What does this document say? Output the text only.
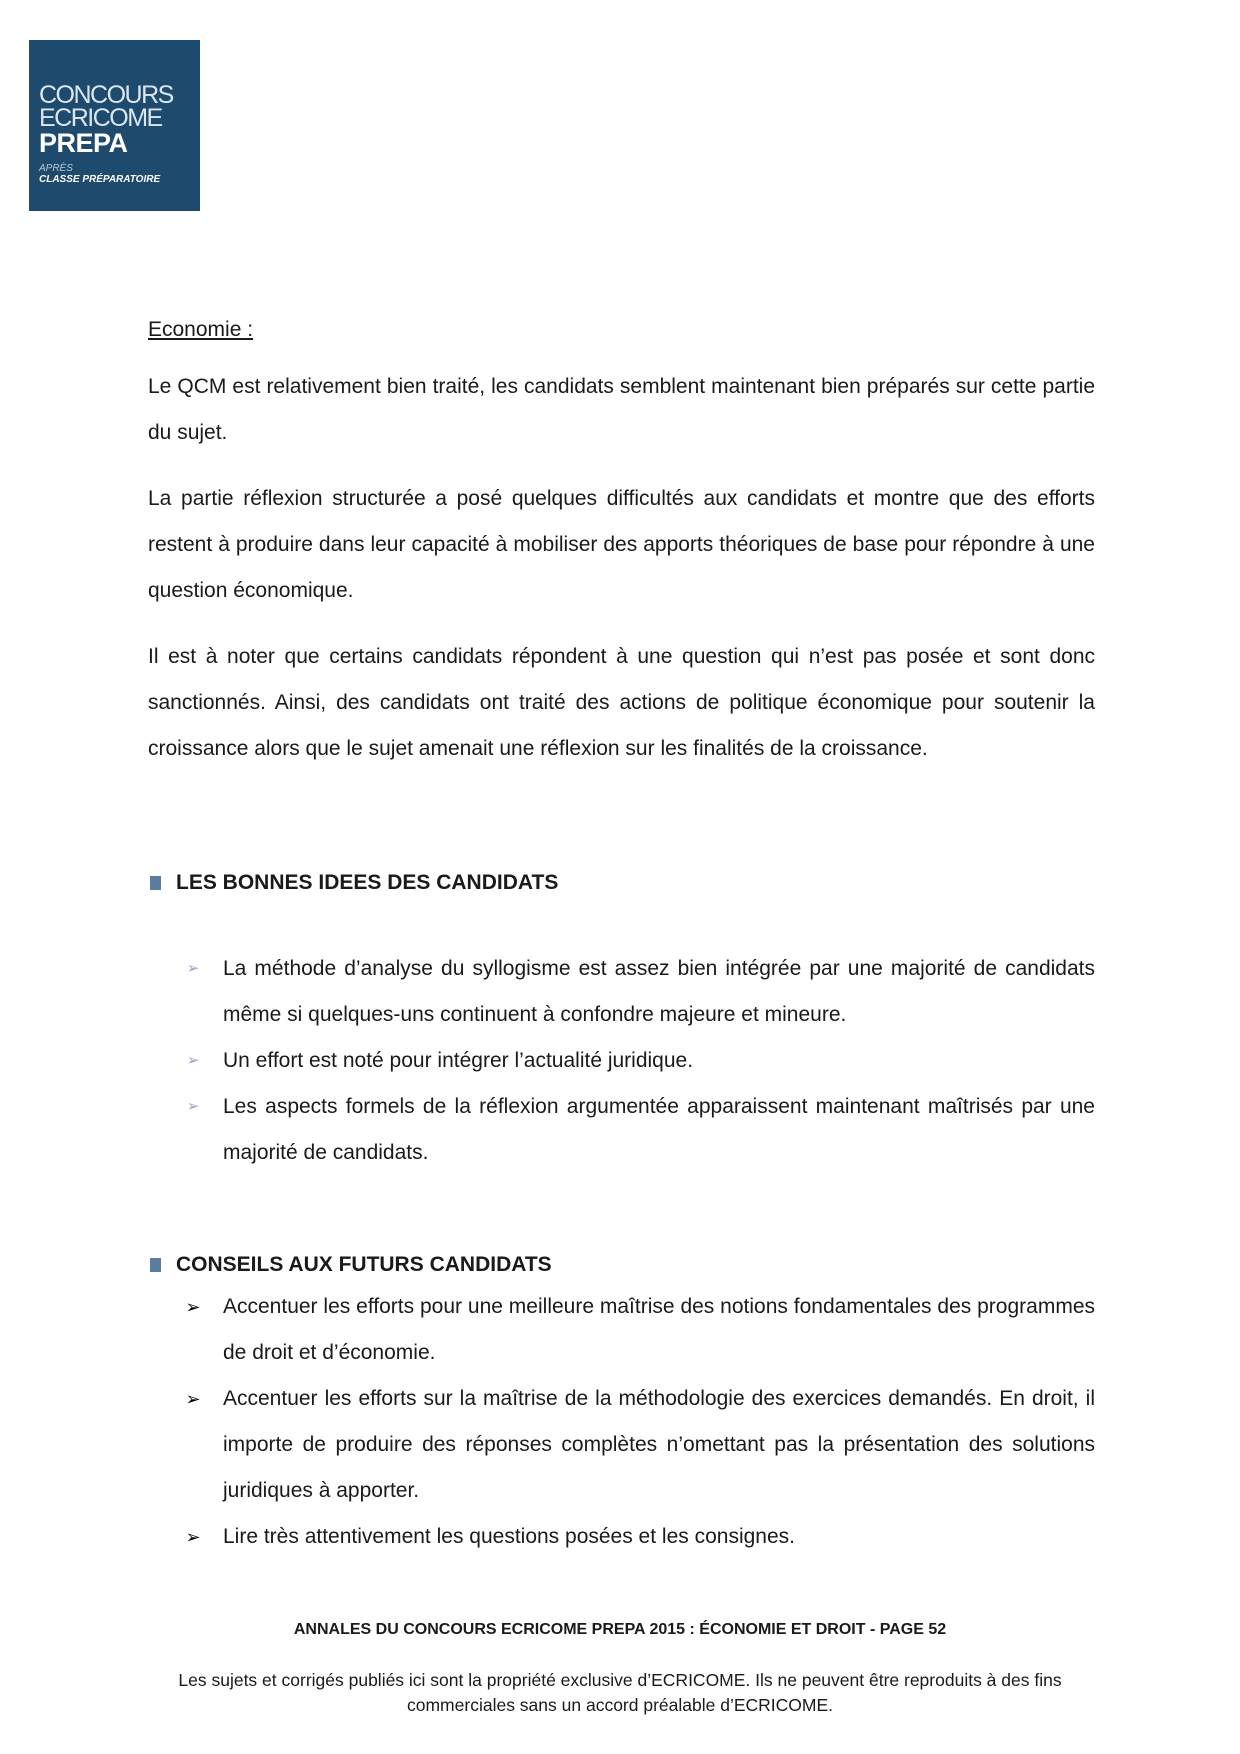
CONCOURS
ECRICOME
PREPA
APRÈS
CLASSE PRÉPARATOIRE

Economie :

Le QCM est relativement bien traité, les candidats semblent maintenant bien préparés sur cette partie du sujet.

La partie réflexion structurée a posé quelques difficultés aux candidats et montre que des efforts restent à produire dans leur capacité à mobiliser des apports théoriques de base pour répondre à une question économique.

Il est à noter que certains candidats répondent à une question qui n’est pas posée et sont donc sanctionnés. Ainsi, des candidats ont traité des actions de politique économique pour soutenir la croissance alors que le sujet amenait une réflexion sur les finalités de la croissance.

LES BONNES IDEES DES CANDIDATS
➢ La méthode d’analyse du syllogisme est assez bien intégrée par une majorité de candidats même si quelques-uns continuent à confondre majeure et mineure.
➢ Un effort est noté pour intégrer l’actualité juridique.
➢ Les aspects formels de la réflexion argumentée apparaissent maintenant maîtrisés par une majorité de candidats.
CONSEILS AUX FUTURS CANDIDATS
➢ Accentuer les efforts pour une meilleure maîtrise des notions fondamentales des programmes de droit et d’économie.
➢ Accentuer les efforts sur la maîtrise de la méthodologie des exercices demandés. En droit, il importe de produire des réponses complètes n’omettant pas la présentation des solutions juridiques à apporter.
➢ Lire très attentivement les questions posées et les consignes.
ANNALES DU CONCOURS ECRICOME PREPA 2015 : ÉCONOMIE ET DROIT - PAGE 52
Les sujets et corrigés publiés ici sont la propriété exclusive d’ECRICOME. Ils ne peuvent être reproduits à des fins commerciales sans un accord préalable d’ECRICOME.
